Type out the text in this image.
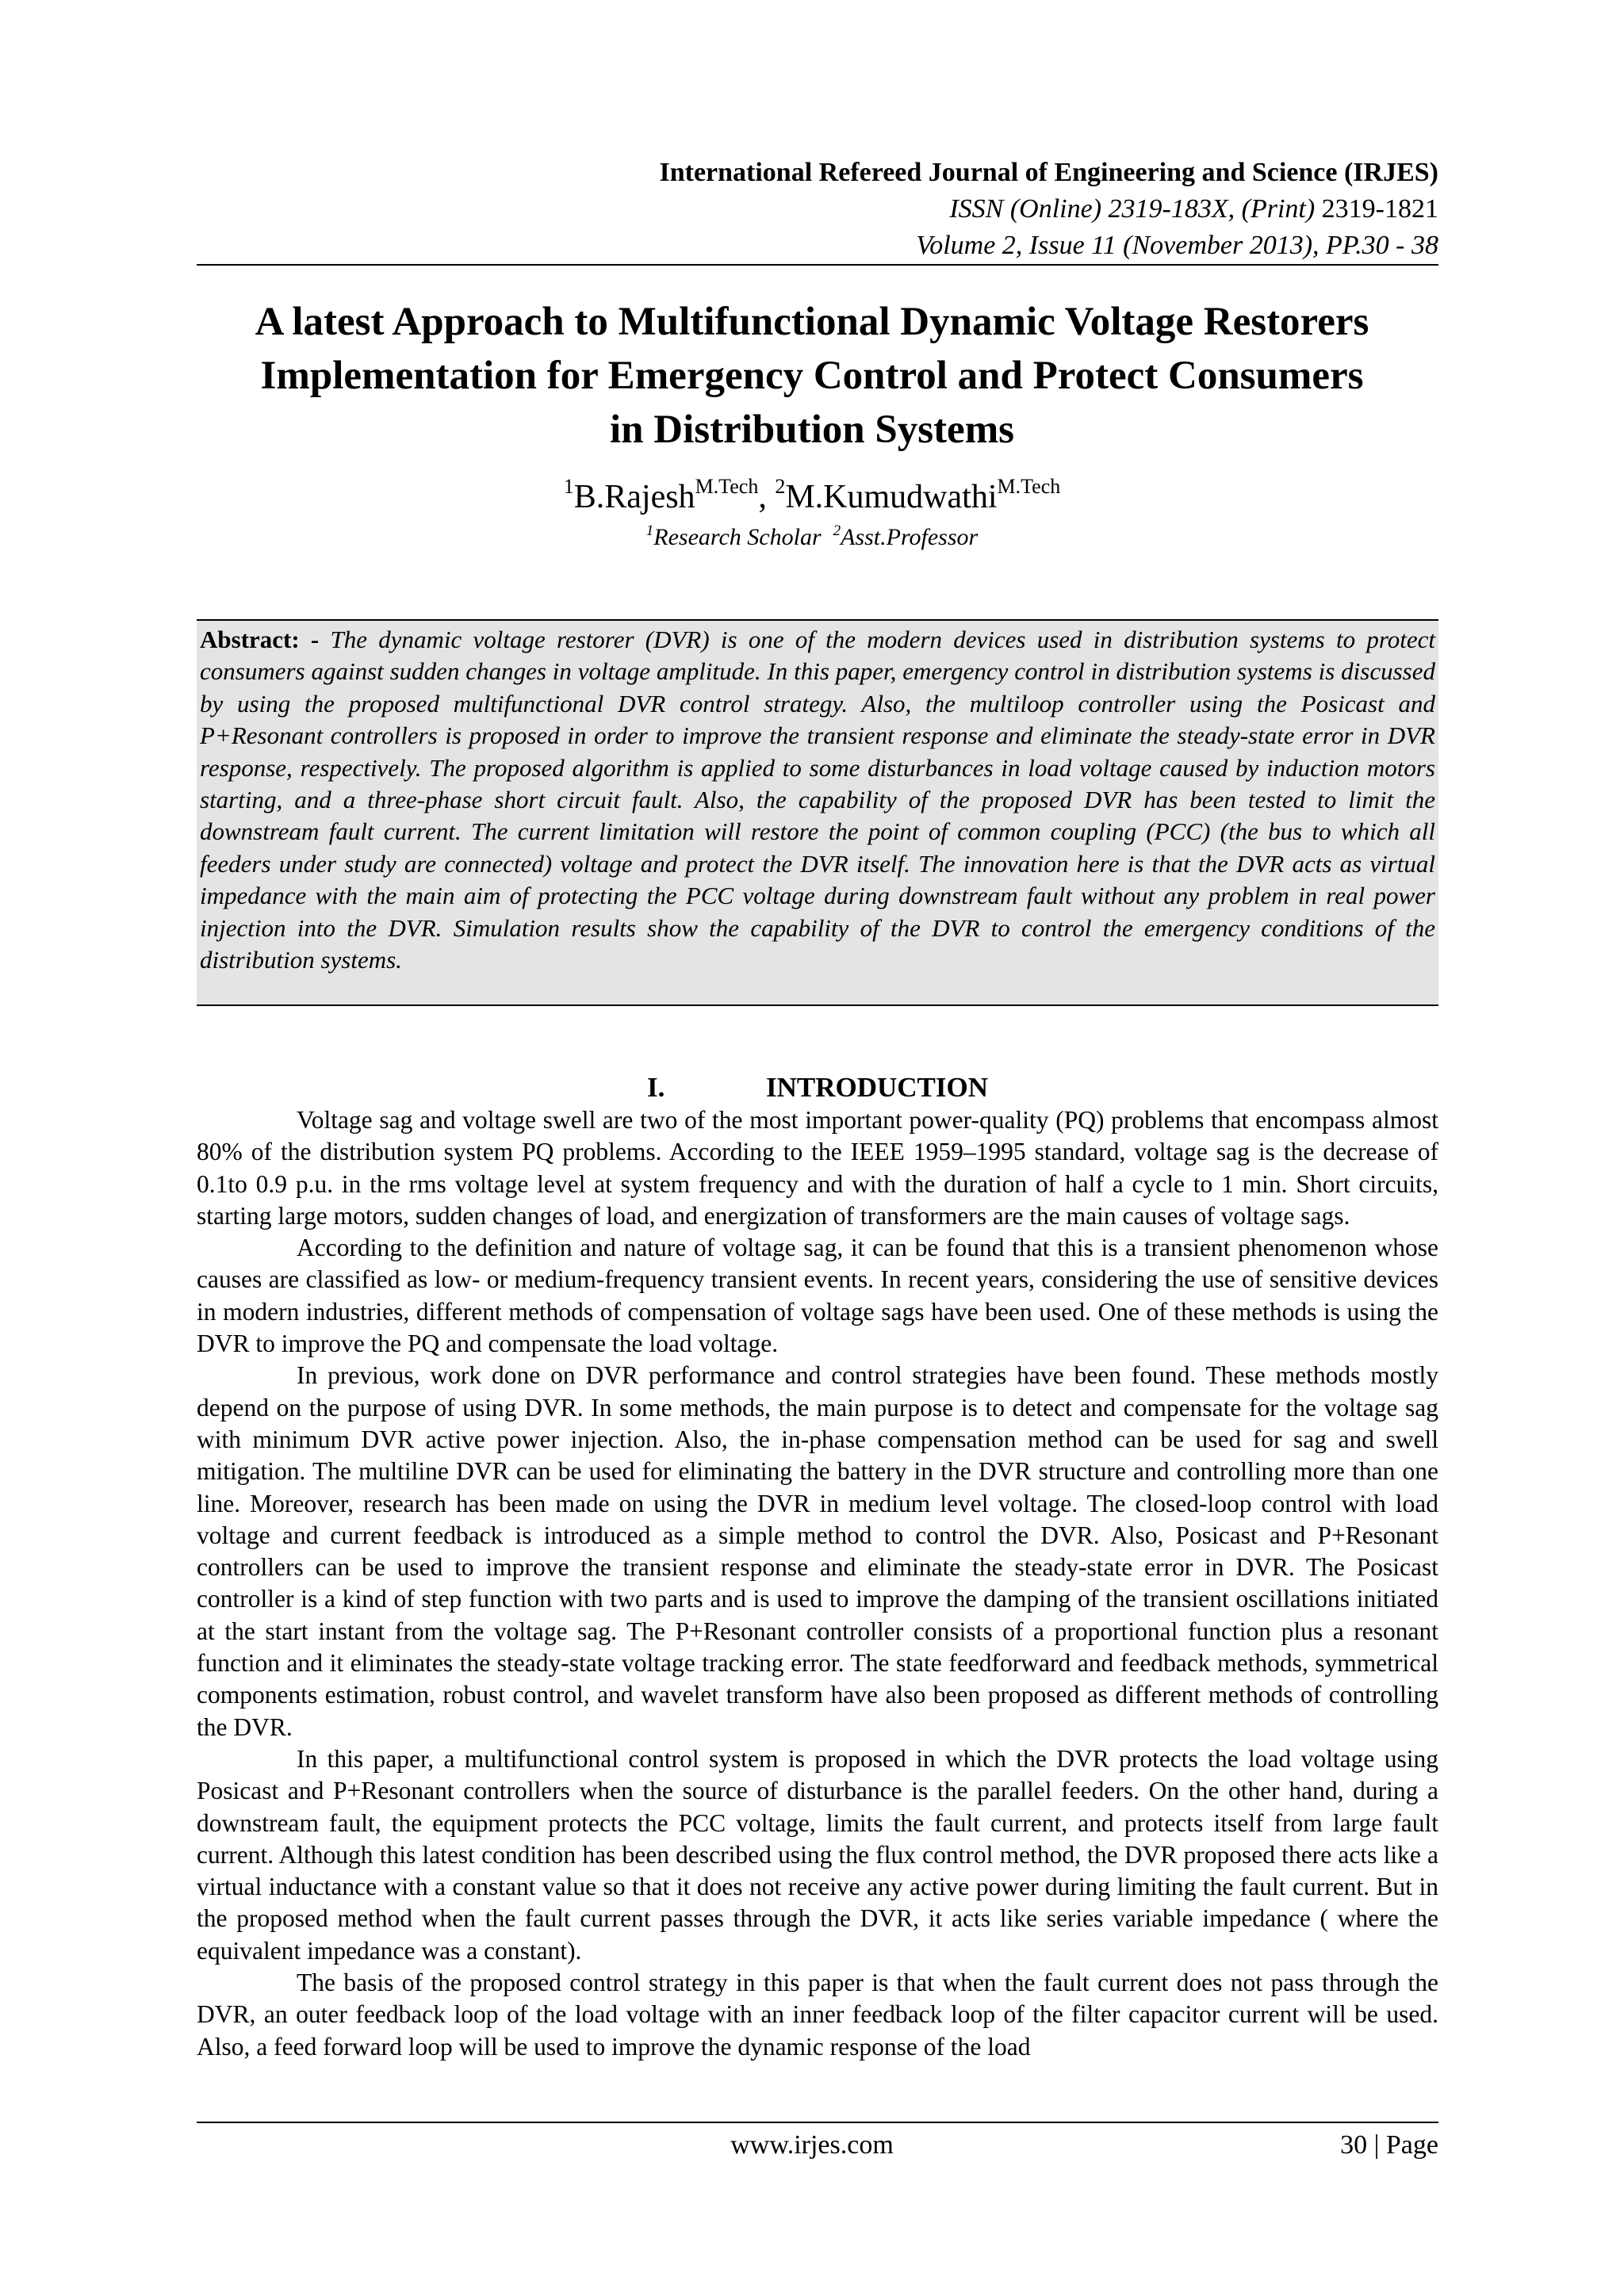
International Refereed Journal of Engineering and Science (IRJES)
ISSN (Online) 2319-183X, (Print) 2319-1821
Volume 2, Issue 11 (November 2013), PP.30 - 38
A latest Approach to Multifunctional Dynamic Voltage Restorers
Implementation for Emergency Control and Protect Consumers
in Distribution Systems
$^1$B.Rajesh$^{M.Tech}$, $^2$M.Kumudwathi$^{M.Tech}$
$^1$Research Scholar $^2$Asst.Professor

Abstract: - The dynamic voltage restorer (DVR) is one of the modern devices used in distribution systems to protect consumers against sudden changes in voltage amplitude. In this paper, emergency control in distribution systems is discussed by using the proposed multifunctional DVR control strategy. Also, the multiloop controller using the Posicast and P+Resonant controllers is proposed in order to improve the transient response and eliminate the steady-state error in DVR response, respectively. The proposed algorithm is applied to some disturbances in load voltage caused by induction motors starting, and a three-phase short circuit fault. Also, the capability of the proposed DVR has been tested to limit the downstream fault current. The current limitation will restore the point of common coupling (PCC) (the bus to which all feeders under study are connected) voltage and protect the DVR itself. The innovation here is that the DVR acts as virtual impedance with the main aim of protecting the PCC voltage during downstream fault without any problem in real power injection into the DVR. Simulation results show the capability of the DVR to control the emergency conditions of the distribution systems.

I.	INTRODUCTION

Voltage sag and voltage swell are two of the most important power-quality (PQ) problems that encompass almost 80% of the distribution system PQ problems. According to the IEEE 1959–1995 standard, voltage sag is the decrease of 0.1to 0.9 p.u. in the rms voltage level at system frequency and with the duration of half a cycle to 1 min. Short circuits, starting large motors, sudden changes of load, and energization of transformers are the main causes of voltage sags.

According to the definition and nature of voltage sag, it can be found that this is a transient phenomenon whose causes are classified as low- or medium-frequency transient events. In recent years, considering the use of sensitive devices in modern industries, different methods of compensation of voltage sags have been used. One of these methods is using the DVR to improve the PQ and compensate the load voltage.

In previous, work done on DVR performance and control strategies have been found. These methods mostly depend on the purpose of using DVR. In some methods, the main purpose is to detect and compensate for the voltage sag with minimum DVR active power injection. Also, the in-phase compensation method can be used for sag and swell mitigation. The multiline DVR can be used for eliminating the battery in the DVR structure and controlling more than one line. Moreover, research has been made on using the DVR in medium level voltage. The closed-loop control with load voltage and current feedback is introduced as a simple method to control the DVR. Also, Posicast and P+Resonant controllers can be used to improve the transient response and eliminate the steady-state error in DVR. The Posicast controller is a kind of step function with two parts and is used to improve the damping of the transient oscillations initiated at the start instant from the voltage sag. The P+Resonant controller consists of a proportional function plus a resonant function and it eliminates the steady-state voltage tracking error. The state feedforward and feedback methods, symmetrical components estimation, robust control, and wavelet transform have also been proposed as different methods of controlling the DVR.

In this paper, a multifunctional control system is proposed in which the DVR protects the load voltage using Posicast and P+Resonant controllers when the source of disturbance is the parallel feeders. On the other hand, during a downstream fault, the equipment protects the PCC voltage, limits the fault current, and protects itself from large fault current. Although this latest condition has been described using the flux control method, the DVR proposed there acts like a virtual inductance with a constant value so that it does not receive any active power during limiting the fault current. But in the proposed method when the fault current passes through the DVR, it acts like series variable impedance ( where the equivalent impedance was a constant).

The basis of the proposed control strategy in this paper is that when the fault current does not pass through the DVR, an outer feedback loop of the load voltage with an inner feedback loop of the filter capacitor current will be used. Also, a feed forward loop will be used to improve the dynamic response of the load

www.irjes.com	30 | Page
